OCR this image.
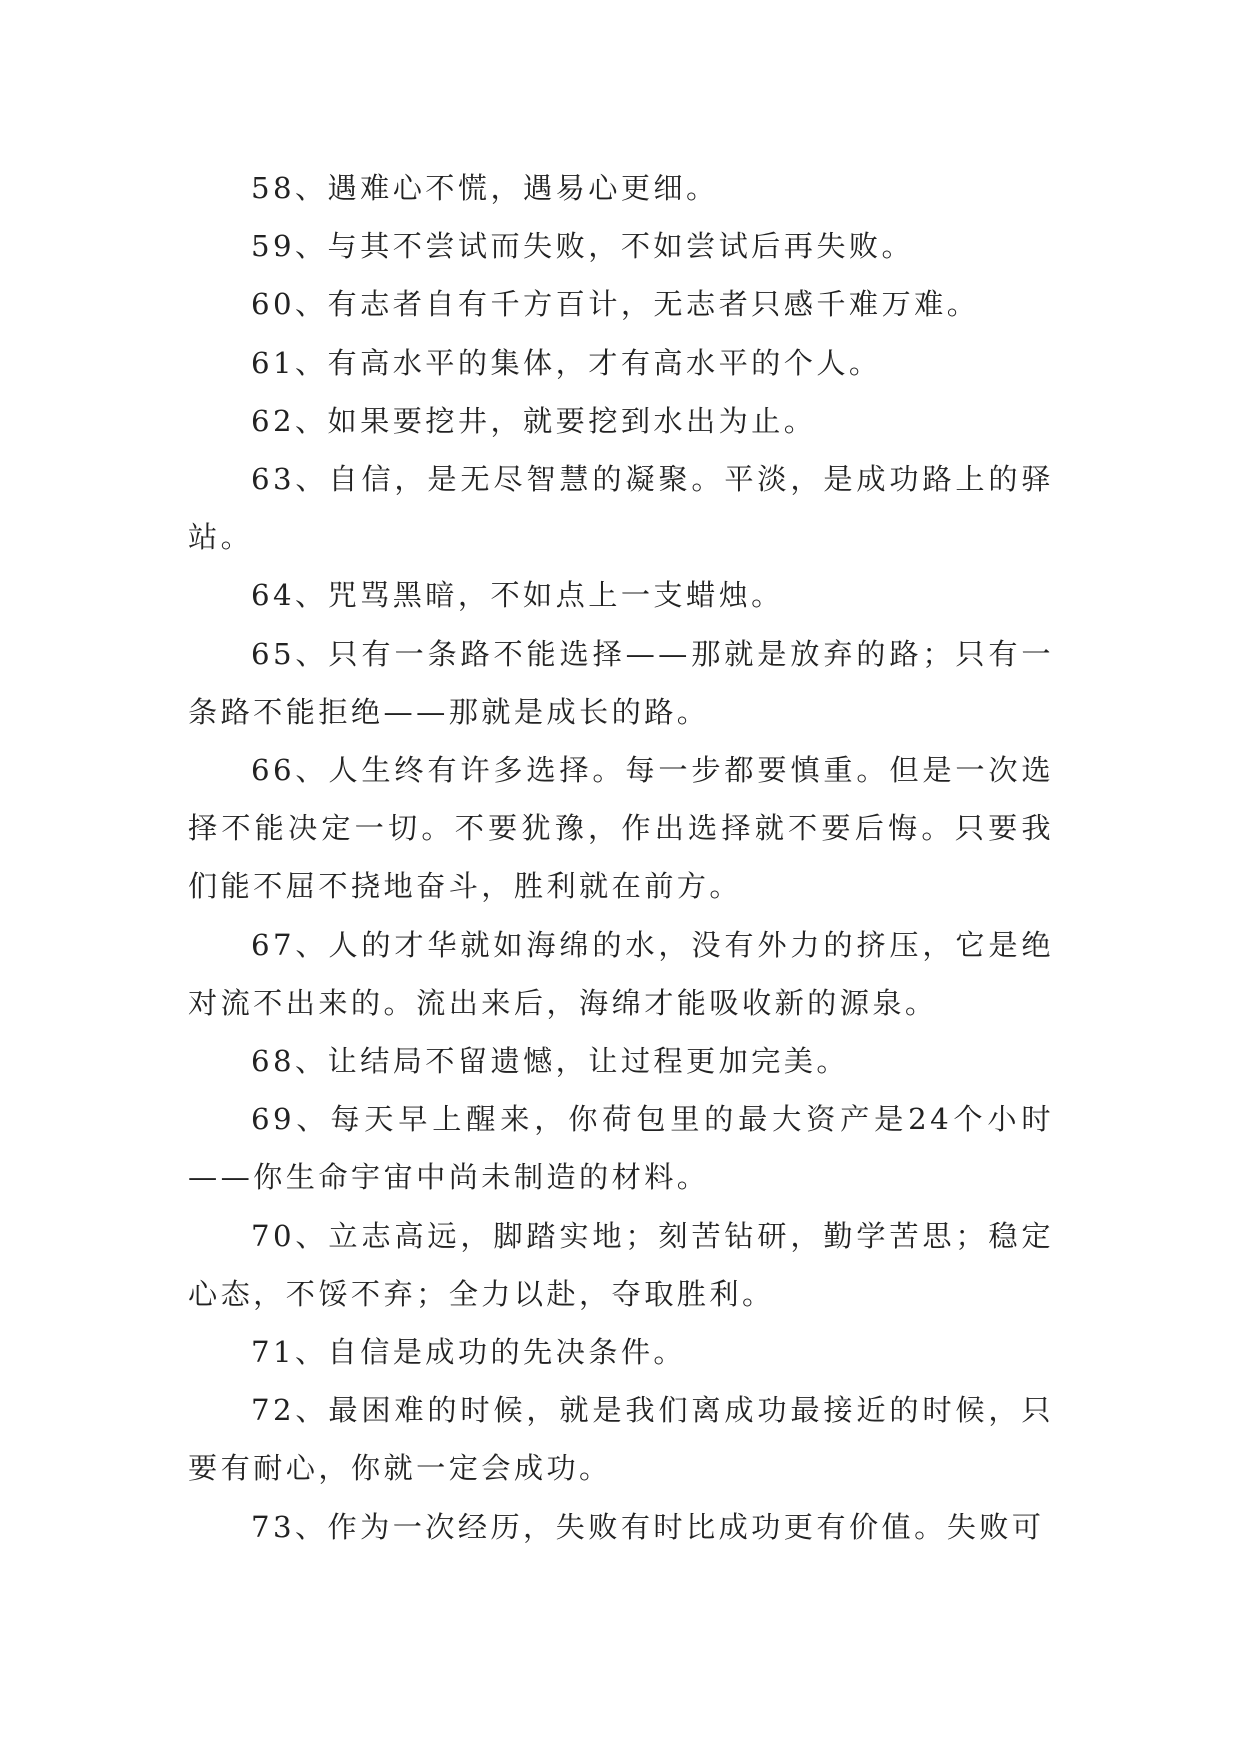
58、遇难心不慌，遇易心更细。

59、与其不尝试而失败，不如尝试后再失败。

60、有志者自有千方百计，无志者只感千难万难。

61、有高水平的集体，才有高水平的个人。

62、如果要挖井，就要挖到水出为止。

63、自信，是无尽智慧的凝聚。平淡，是成功路上的驿站。

64、咒骂黑暗，不如点上一支蜡烛。

65、只有一条路不能选择——那就是放弃的路；只有一条路不能拒绝——那就是成长的路。

66、人生终有许多选择。每一步都要慎重。但是一次选择不能决定一切。不要犹豫，作出选择就不要后悔。只要我们能不屈不挠地奋斗，胜利就在前方。

67、人的才华就如海绵的水，没有外力的挤压，它是绝对流不出来的。流出来后，海绵才能吸收新的源泉。

68、让结局不留遗憾，让过程更加完美。

69、每天早上醒来，你荷包里的最大资产是24个小时——你生命宇宙中尚未制造的材料。

70、立志高远，脚踏实地；刻苦钻研，勤学苦思；稳定心态，不馁不弃；全力以赴，夺取胜利。

71、自信是成功的先决条件。

72、最困难的时候，就是我们离成功最接近的时候，只要有耐心，你就一定会成功。

73、作为一次经历，失败有时比成功更有价值。失败可
